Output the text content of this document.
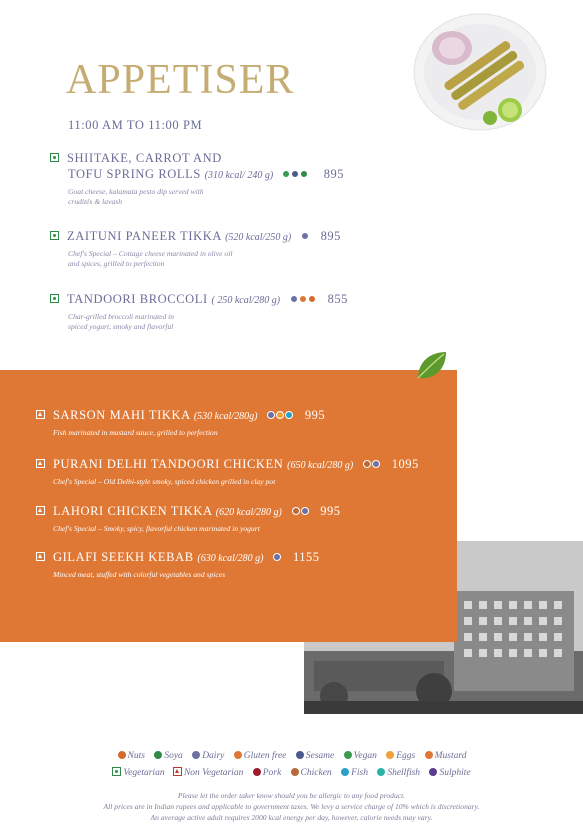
APPETISER
11:00 AM TO 11:00 PM
SHIITAKE, CARROT AND
TOFU SPRING ROLLS (310 kcal/ 240 g)	895
Goat cheese, kalamata pesto dip served with
crudités & lavash
ZAITUNI PANEER TIKKA (520 kcal/250 g) 895
Chef's Special – Cottage cheese marinated in olive oil
and spices, grilled to perfection
TANDOORI BROCCOLI ( 250 kcal/280 g)	855
Char-grilled broccoli marinated in
spiced yogurt, smoky and flavorful
SARSON MAHI TIKKA (530 kcal/280g)	995
Fish marinated in mustard sauce, grilled to perfection
PURANI DELHI TANDOORI CHICKEN (650 kcal/280 g)	1095
Chef's Special – Old Delhi-style smoky, spiced chicken grilled in clay pot
LAHORI CHICKEN TIKKA (620 kcal/280 g)	995
Chef's Special – Smoky, spicy, flavorful chicken marinated in yogurt
GILAFI SEEKH KEBAB (630 kcal/280 g) 1155
Minced meat, stuffed with colorful vegetables and spices
Nuts Soya Dairy Gluten free Sesame Vegan Eggs Mustard
Vegetarian Non Vegetarian Pork Chicken Fish Shellfish Sulphite
Please let the order taker know should you be allergic to any food product.
All prices are in Indian rupees and applicable to government taxes. We levy a service charge of 10% which is discretionary.
An average active adult requires 2000 kcal energy per day, however, calorie needs may vary.
